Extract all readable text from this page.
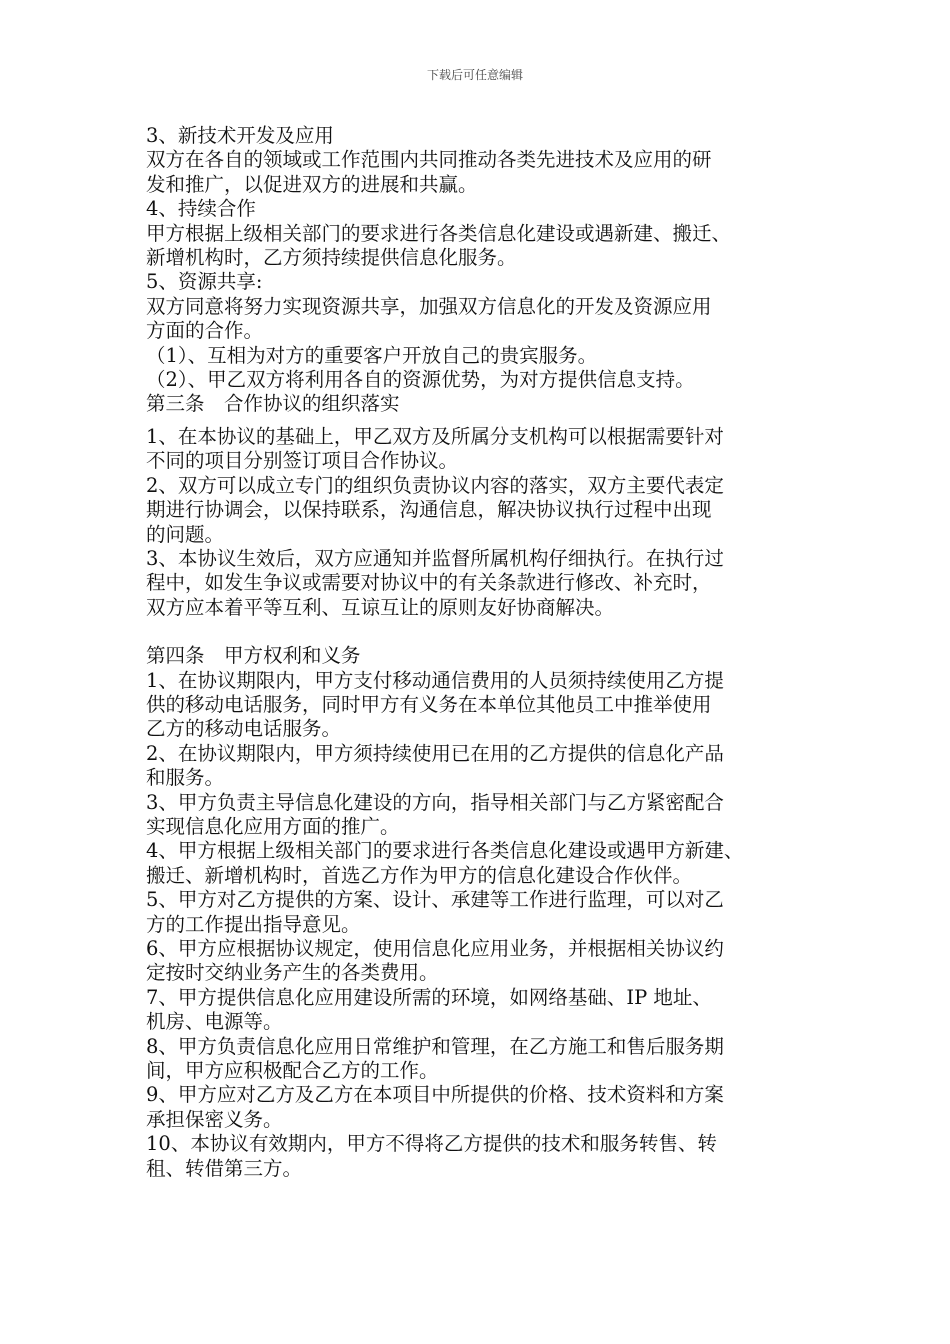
下载后可任意编辑
3、新技术开发及应用
双方在各自的领域或工作范围内共同推动各类先进技术及应用的研
发和推广，以促进双方的进展和共赢。
4、持续合作
甲方根据上级相关部门的要求进行各类信息化建设或遇新建、搬迁、
新增机构时，乙方须持续提供信息化服务。
5、资源共享:
双方同意将努力实现资源共享，加强双方信息化的开发及资源应用
方面的合作。
（1）、互相为对方的重要客户开放自己的贵宾服务。
（2）、甲乙双方将利用各自的资源优势，为对方提供信息支持。
第三条　合作协议的组织落实
1、在本协议的基础上，甲乙双方及所属分支机构可以根据需要针对
不同的项目分别签订项目合作协议。
2、双方可以成立专门的组织负责协议内容的落实，双方主要代表定
期进行协调会，以保持联系，沟通信息，解决协议执行过程中出现
的问题。
3、本协议生效后，双方应通知并监督所属机构仔细执行。在执行过
程中，如发生争议或需要对协议中的有关条款进行修改、补充时，
双方应本着平等互利、互谅互让的原则友好协商解决。
第四条　甲方权利和义务
1、在协议期限内，甲方支付移动通信费用的人员须持续使用乙方提
供的移动电话服务，同时甲方有义务在本单位其他员工中推举使用
乙方的移动电话服务。
2、在协议期限内，甲方须持续使用已在用的乙方提供的信息化产品
和服务。
3、甲方负责主导信息化建设的方向，指导相关部门与乙方紧密配合
实现信息化应用方面的推广。
4、甲方根据上级相关部门的要求进行各类信息化建设或遇甲方新建、
搬迁、新增机构时，首选乙方作为甲方的信息化建设合作伙伴。
5、甲方对乙方提供的方案、设计、承建等工作进行监理，可以对乙
方的工作提出指导意见。
6、甲方应根据协议规定，使用信息化应用业务，并根据相关协议约
定按时交纳业务产生的各类费用。
7、甲方提供信息化应用建设所需的环境，如网络基础、IP 地址、
机房、电源等。
8、甲方负责信息化应用日常维护和管理，在乙方施工和售后服务期
间，甲方应积极配合乙方的工作。
9、甲方应对乙方及乙方在本项目中所提供的价格、技术资料和方案
承担保密义务。
10、本协议有效期内，甲方不得将乙方提供的技术和服务转售、转
租、转借第三方。
